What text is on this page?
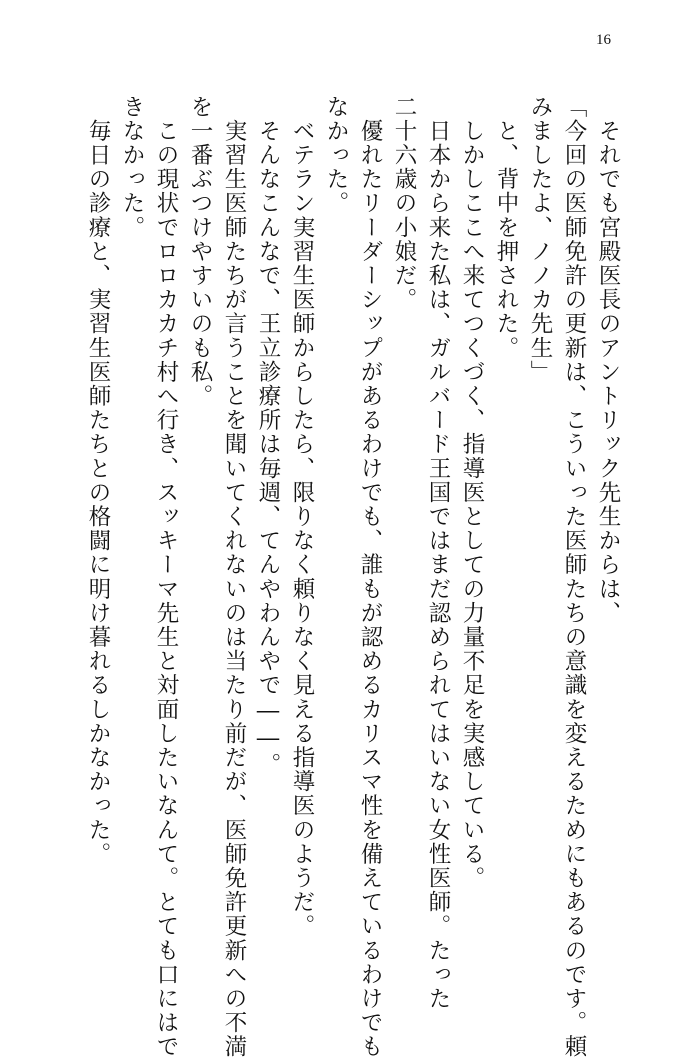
16
　それでも宮殿医長のアントリック先生からは、
「今回の医師免許の更新は、こういった医師たちの意識を変えるためにもあるのです。頼
みましたよ、ノノカ先生」
　と、背中を押された。
　しかしここへ来てつくづく、指導医としての力量不足を実感している。
　日本から来た私は、ガルバード王国ではまだ認められてはいない女性医師。たった
二十六歳の小娘だ。
　優れたリーダーシップがあるわけでも、誰もが認めるカリスマ性を備えているわけでも
なかった。
　ベテラン実習生医師からしたら、限りなく頼りなく見える指導医のようだ。
　そんなこんなで、王立診療所は毎週、てんやわんやで――。
　実習生医師たちが言うことを聞いてくれないのは当たり前だが、医師免許更新への不満
を一番ぶつけやすいのも私。
　この現状でロロカカチ村へ行き、スッキーマ先生と対面したいなんて。とても口にはで
きなかった。
　毎日の診療と、実習生医師たちとの格闘に明け暮れるしかなかった。
